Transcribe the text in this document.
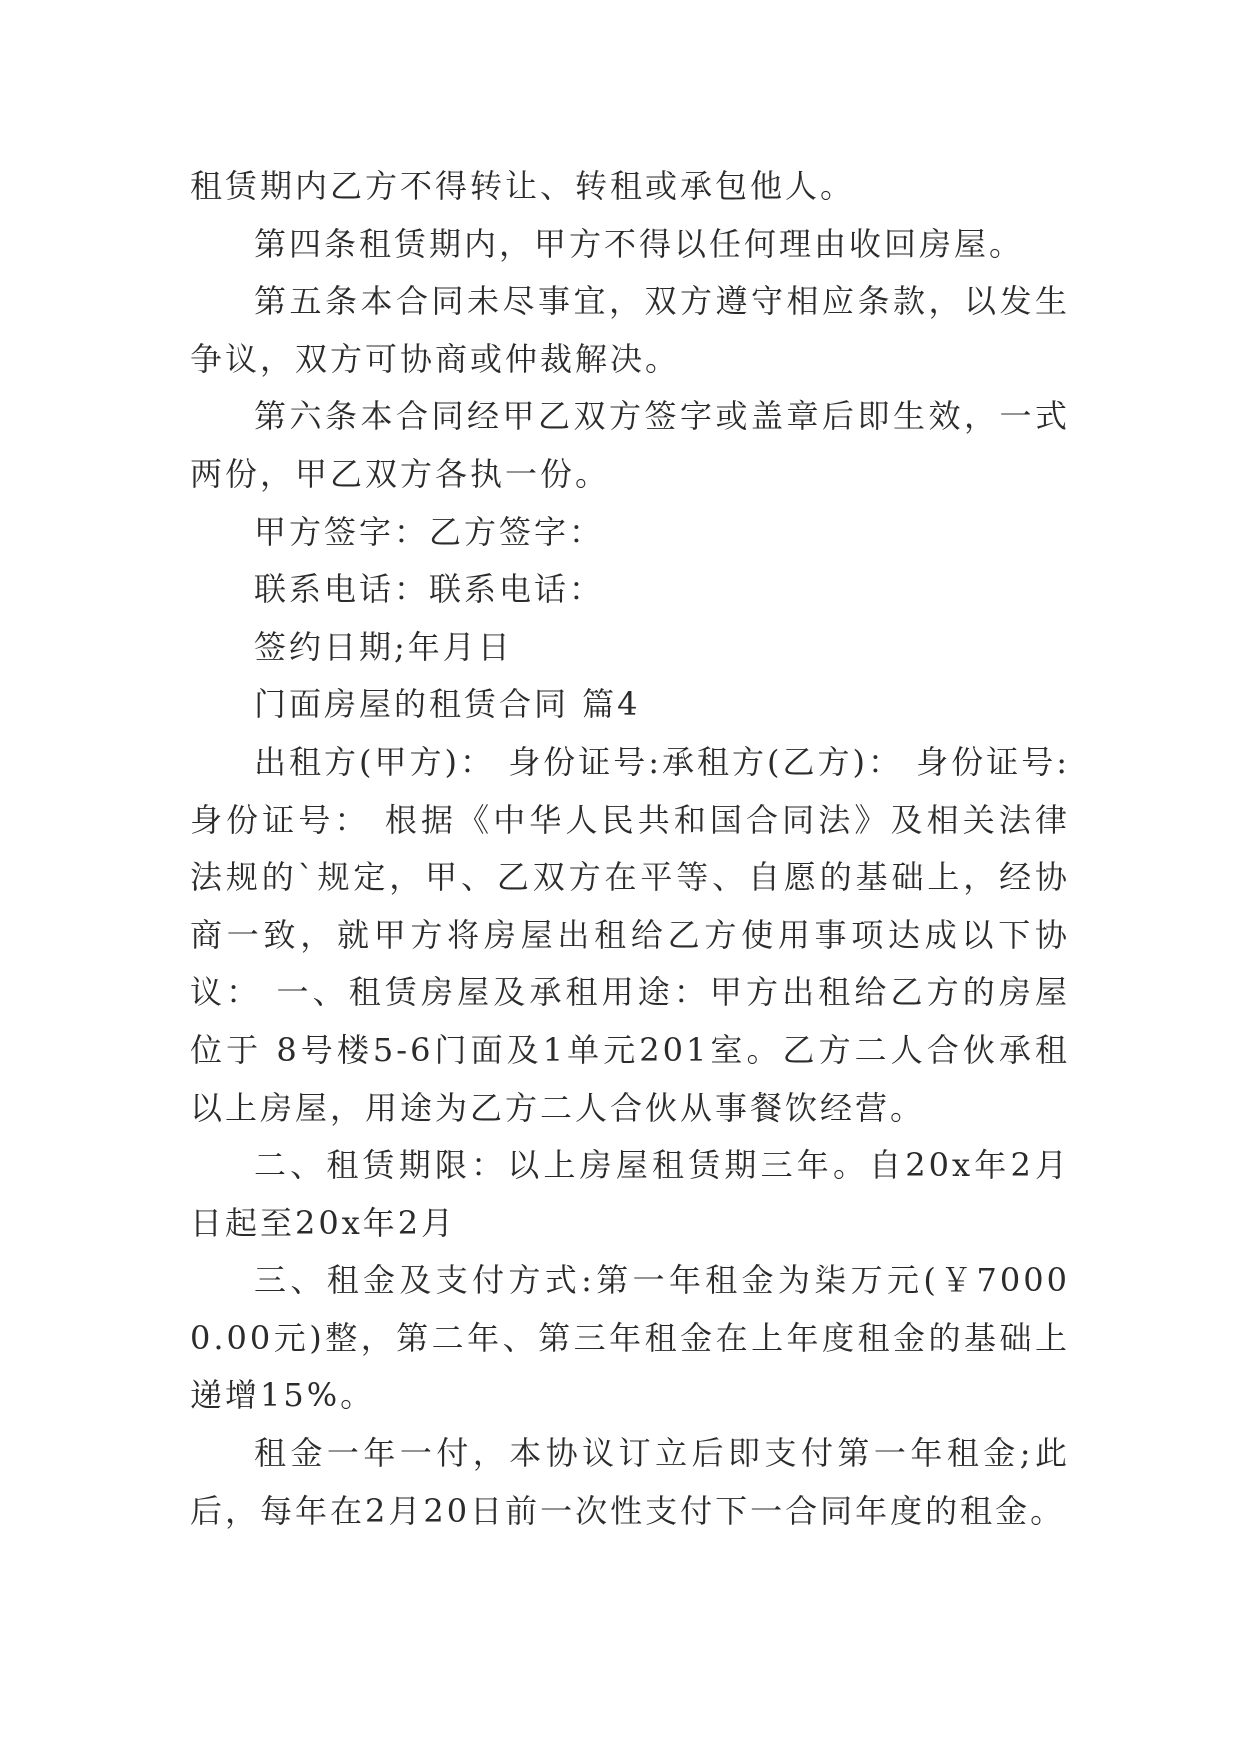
租赁期内乙方不得转让、转租或承包他人。

第四条租赁期内，甲方不得以任何理由收回房屋。

第五条本合同未尽事宜，双方遵守相应条款，以发生争议，双方可协商或仲裁解决。

第六条本合同经甲乙双方签字或盖章后即生效，一式两份，甲乙双方各执一份。

甲方签字：乙方签字：

联系电话：联系电话：

签约日期;年月日

门面房屋的租赁合同 篇4

出租方(甲方)： 身份证号:承租方(乙方)： 身份证号:身份证号： 根据《中华人民共和国合同法》及相关法律法规的`规定，甲、乙双方在平等、自愿的基础上，经协商一致，就甲方将房屋出租给乙方使用事项达成以下协议： 一、租赁房屋及承租用途：甲方出租给乙方的房屋位于 8号楼5-6门面及1单元201室。乙方二人合伙承租以上房屋，用途为乙方二人合伙从事餐饮经营。

二、租赁期限：以上房屋租赁期三年。自20x年2月日起至20x年2月

三、租金及支付方式:第一年租金为柒万元(￥70000.00元)整，第二年、第三年租金在上年度租金的基础上递增15%。

租金一年一付，本协议订立后即支付第一年租金;此后，每年在2月20日前一次性支付下一合同年度的租金。
